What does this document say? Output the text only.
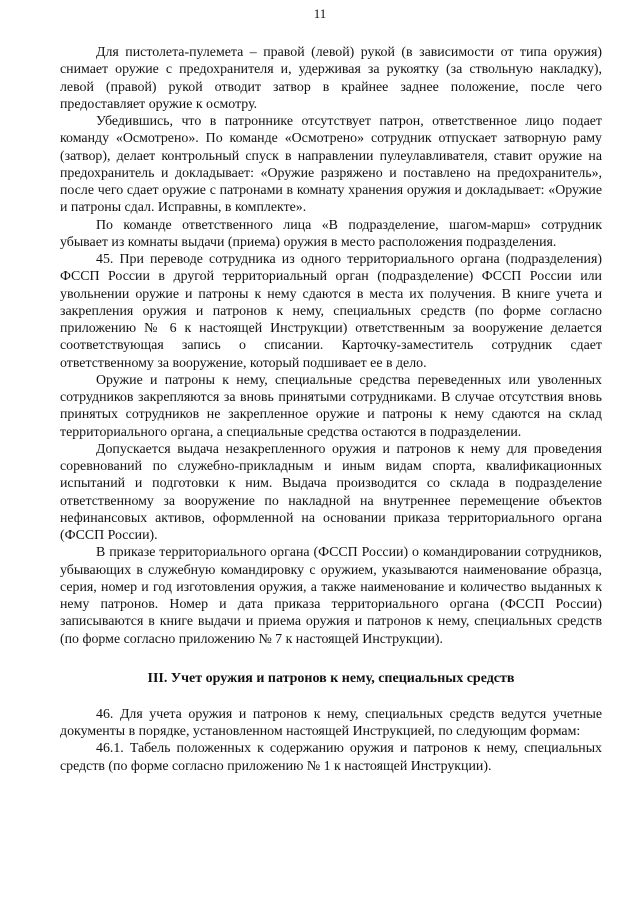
11

Для пистолета-пулемета – правой (левой) рукой (в зависимости от типа оружия) снимает оружие с предохранителя и, удерживая за рукоятку (за ствольную накладку), левой (правой) рукой отводит затвор в крайнее заднее положение, после чего предоставляет оружие к осмотру.

Убедившись, что в патроннике отсутствует патрон, ответственное лицо подает команду «Осмотрено». По команде «Осмотрено» сотрудник отпускает затворную раму (затвор), делает контрольный спуск в направлении пулеулавливателя, ставит оружие на предохранитель и докладывает: «Оружие разряжено и поставлено на предохранитель», после чего сдает оружие с патронами в комнату хранения оружия и докладывает: «Оружие и патроны сдал. Исправны, в комплекте».

По команде ответственного лица «В подразделение, шагом-марш» сотрудник убывает из комнаты выдачи (приема) оружия в место расположения подразделения.

45. При переводе сотрудника из одного территориального органа (подразделения) ФССП России в другой территориальный орган (подразделение) ФССП России или увольнении оружие и патроны к нему сдаются в места их получения. В книге учета и закрепления оружия и патронов к нему, специальных средств (по форме согласно приложению № 6 к настоящей Инструкции) ответственным за вооружение делается соответствующая запись о списании. Карточку-заместитель сотрудник сдает ответственному за вооружение, который подшивает ее в дело.

Оружие и патроны к нему, специальные средства переведенных или уволенных сотрудников закрепляются за вновь принятыми сотрудниками. В случае отсутствия вновь принятых сотрудников не закрепленное оружие и патроны к нему сдаются на склад территориального органа, а специальные средства остаются в подразделении.

Допускается выдача незакрепленного оружия и патронов к нему для проведения соревнований по служебно-прикладным и иным видам спорта, квалификационных испытаний и подготовки к ним. Выдача производится со склада в подразделение ответственному за вооружение по накладной на внутреннее перемещение объектов нефинансовых активов, оформленной на основании приказа территориального органа (ФССП России).

В приказе территориального органа (ФССП России) о командировании сотрудников, убывающих в служебную командировку с оружием, указываются наименование образца, серия, номер и год изготовления оружия, а также наименование и количество выданных к нему патронов. Номер и дата приказа территориального органа (ФССП России) записываются в книге выдачи и приема оружия и патронов к нему, специальных средств (по форме согласно приложению № 7 к настоящей Инструкции).

III. Учет оружия и патронов к нему, специальных средств

46. Для учета оружия и патронов к нему, специальных средств ведутся учетные документы в порядке, установленном настоящей Инструкцией, по следующим формам:

46.1. Табель положенных к содержанию оружия и патронов к нему, специальных средств (по форме согласно приложению № 1 к настоящей Инструкции).
